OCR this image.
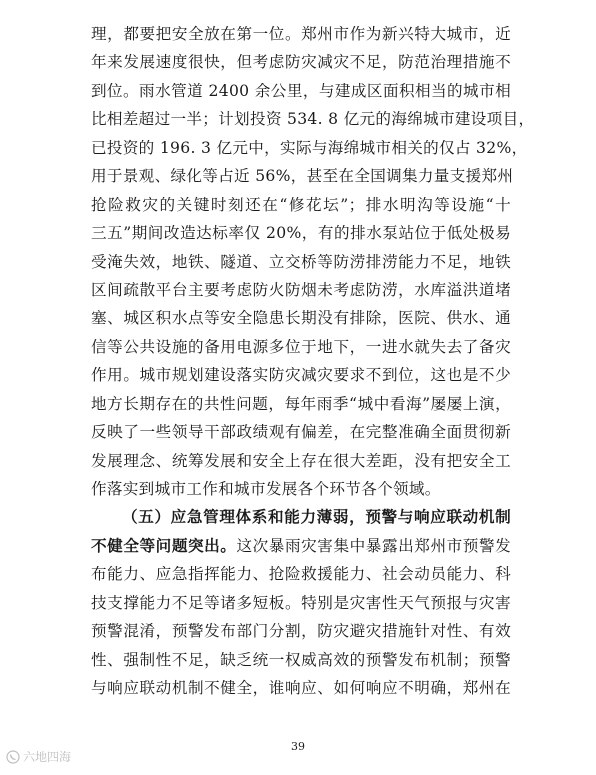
理，都要把安全放在第一位。郑州市作为新兴特大城市，近
年来发展速度很快，但考虑防灾减灾不足，防范治理措施不
到位。雨水管道 2400 余公里，与建成区面积相当的城市相
比相差超过一半；计划投资 534. 8 亿元的海绵城市建设项目，
已投资的 196. 3 亿元中，实际与海绵城市相关的仅占 32%，
用于景观、绿化等占近 56%，甚至在全国调集力量支援郑州
抢险救灾的关键时刻还在“修花坛”；排水明沟等设施“十
三五”期间改造达标率仅 20%，有的排水泵站位于低处极易
受淹失效，地铁、隧道、立交桥等防涝排涝能力不足，地铁
区间疏散平台主要考虑防火防烟未考虑防涝，水库溢洪道堵
塞、城区积水点等安全隐患长期没有排除，医院、供水、通
信等公共设施的备用电源多位于地下，一进水就失去了备灾
作用。城市规划建设落实防灾减灾要求不到位，这也是不少
地方长期存在的共性问题，每年雨季“城中看海”屡屡上演，
反映了一些领导干部政绩观有偏差，在完整准确全面贯彻新
发展理念、统筹发展和安全上存在很大差距，没有把安全工
作落实到城市工作和城市发展各个环节各个领域。
（五）应急管理体系和能力薄弱，预警与响应联动机制
不健全等问题突出。这次暴雨灾害集中暴露出郑州市预警发
布能力、应急指挥能力、抢险救援能力、社会动员能力、科
技支撑能力不足等诸多短板。特别是灾害性天气预报与灾害
预警混淆，预警发布部门分割，防灾避灾措施针对性、有效
性、强制性不足，缺乏统一权威高效的预警发布机制；预警
与响应联动机制不健全，谁响应、如何响应不明确，郑州在
39
六地四海
